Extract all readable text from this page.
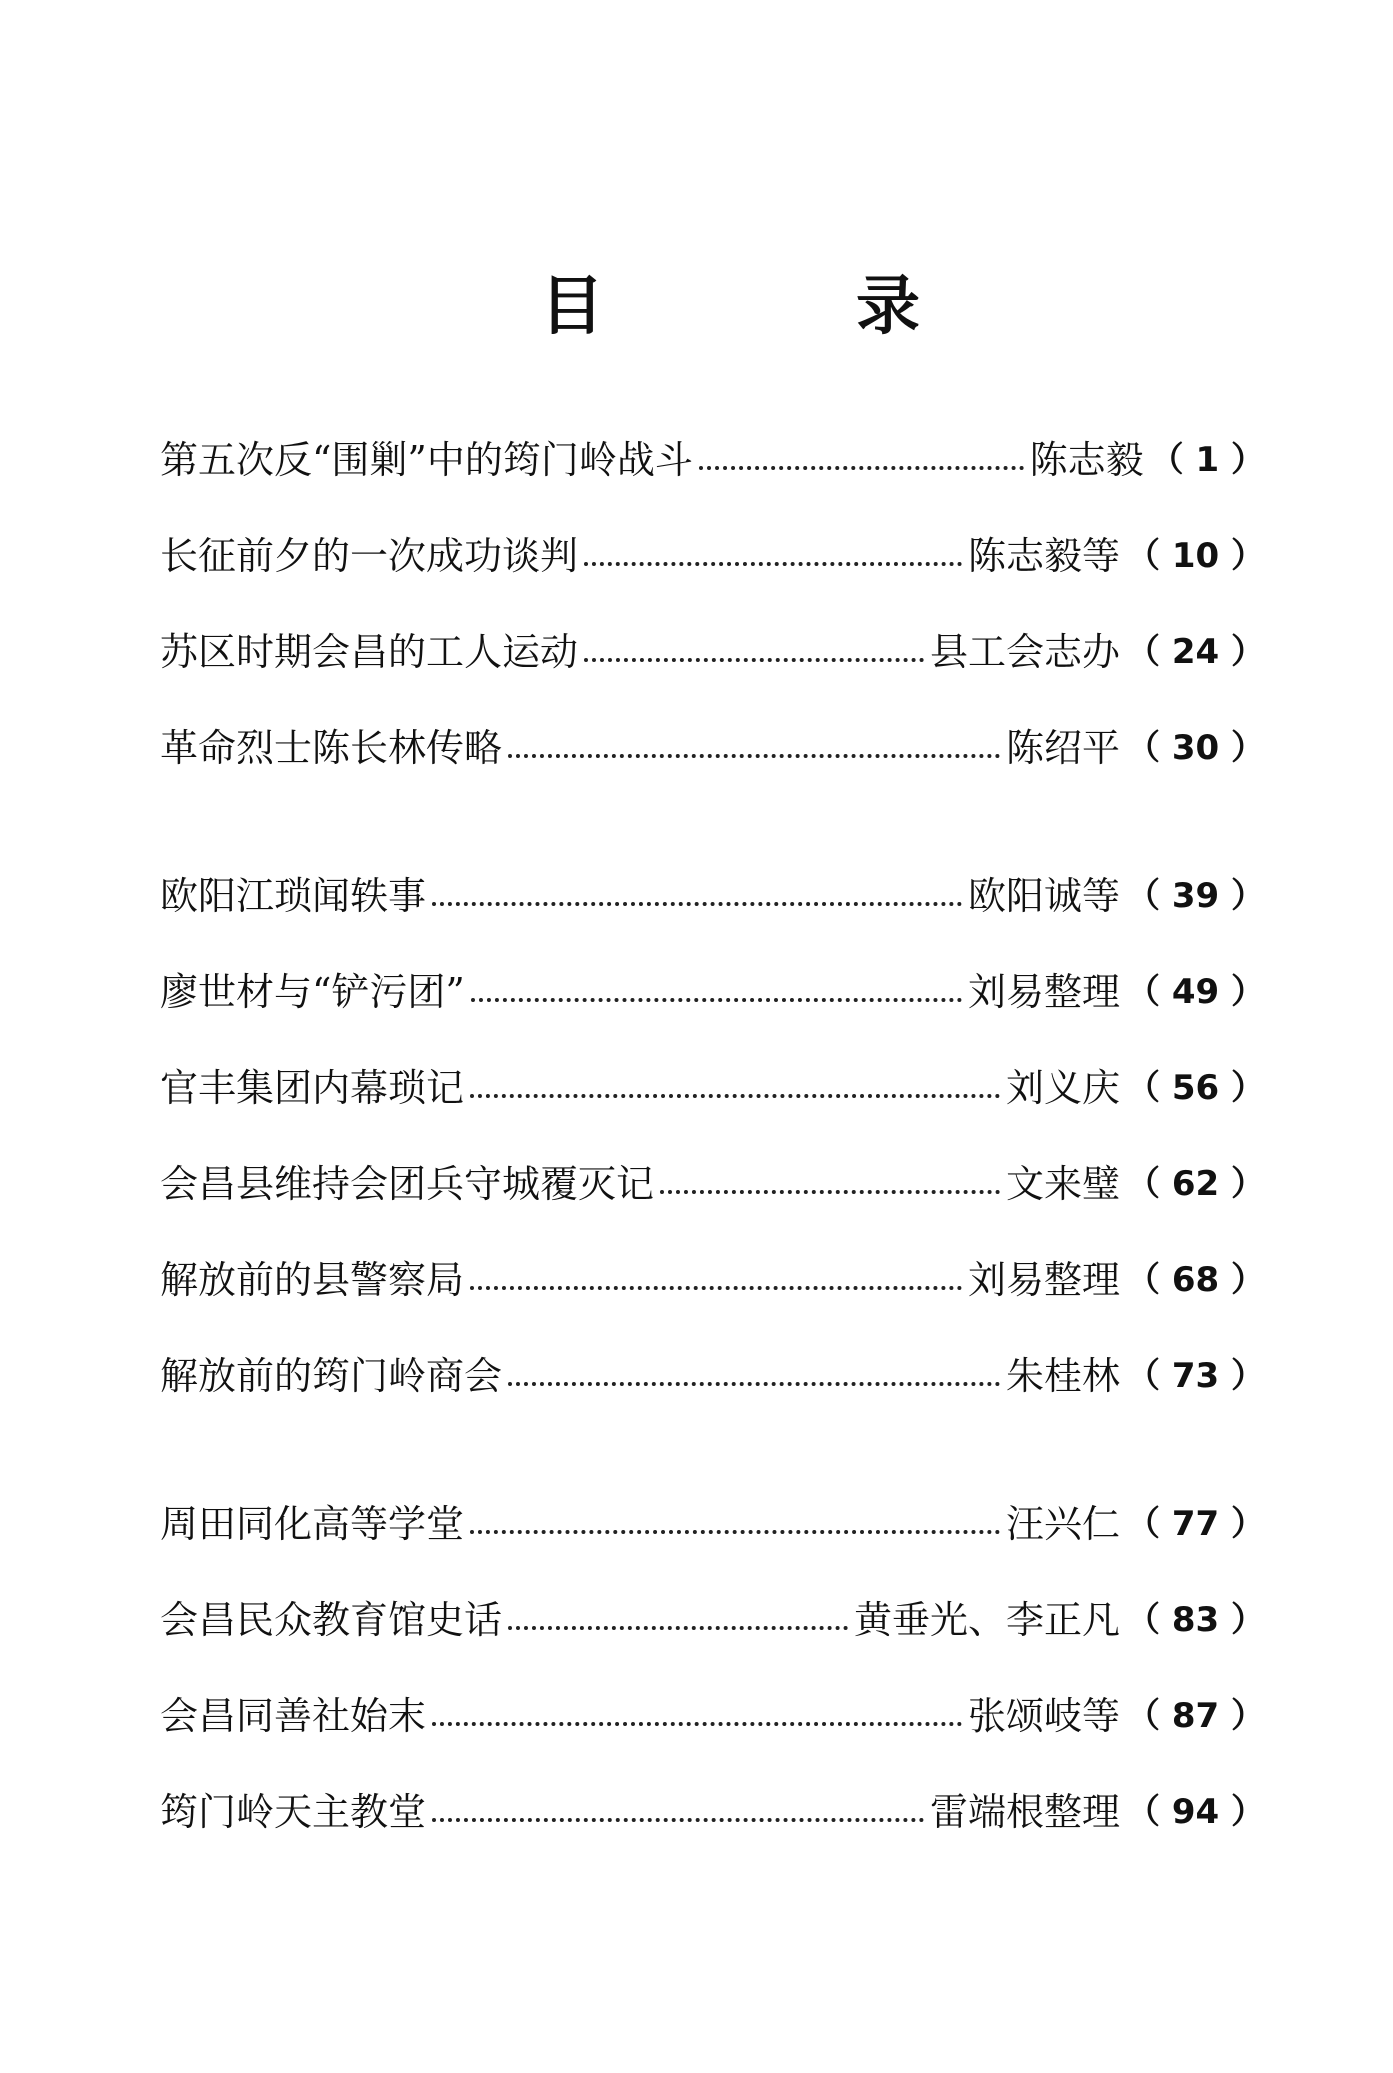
目	录
第五次反“围剿”中的筠门岭战斗	陈志毅 （ 1 ）
长征前夕的一次成功谈判	陈志毅等 （ 10 ）
苏区时期会昌的工人运动	县工会志办 （ 24 ）
革命烈士陈长林传略	陈绍平 （ 30 ）
欧阳江琐闻轶事	欧阳诚等 （ 39 ）
廖世材与“铲污团”	刘易整理 （ 49 ）
官丰集团内幕琐记	刘义庆 （ 56 ）
会昌县维持会团兵守城覆灭记	文来璧 （ 62 ）
解放前的县警察局	刘易整理 （ 68 ）
解放前的筠门岭商会	朱桂林 （ 73 ）
周田同化高等学堂	汪兴仁 （ 77 ）
会昌民众教育馆史话	黄垂光、李正凡 （ 83 ）
会昌同善社始末	张颂岐等 （ 87 ）
筠门岭天主教堂	雷端根整理 （ 94 ）
